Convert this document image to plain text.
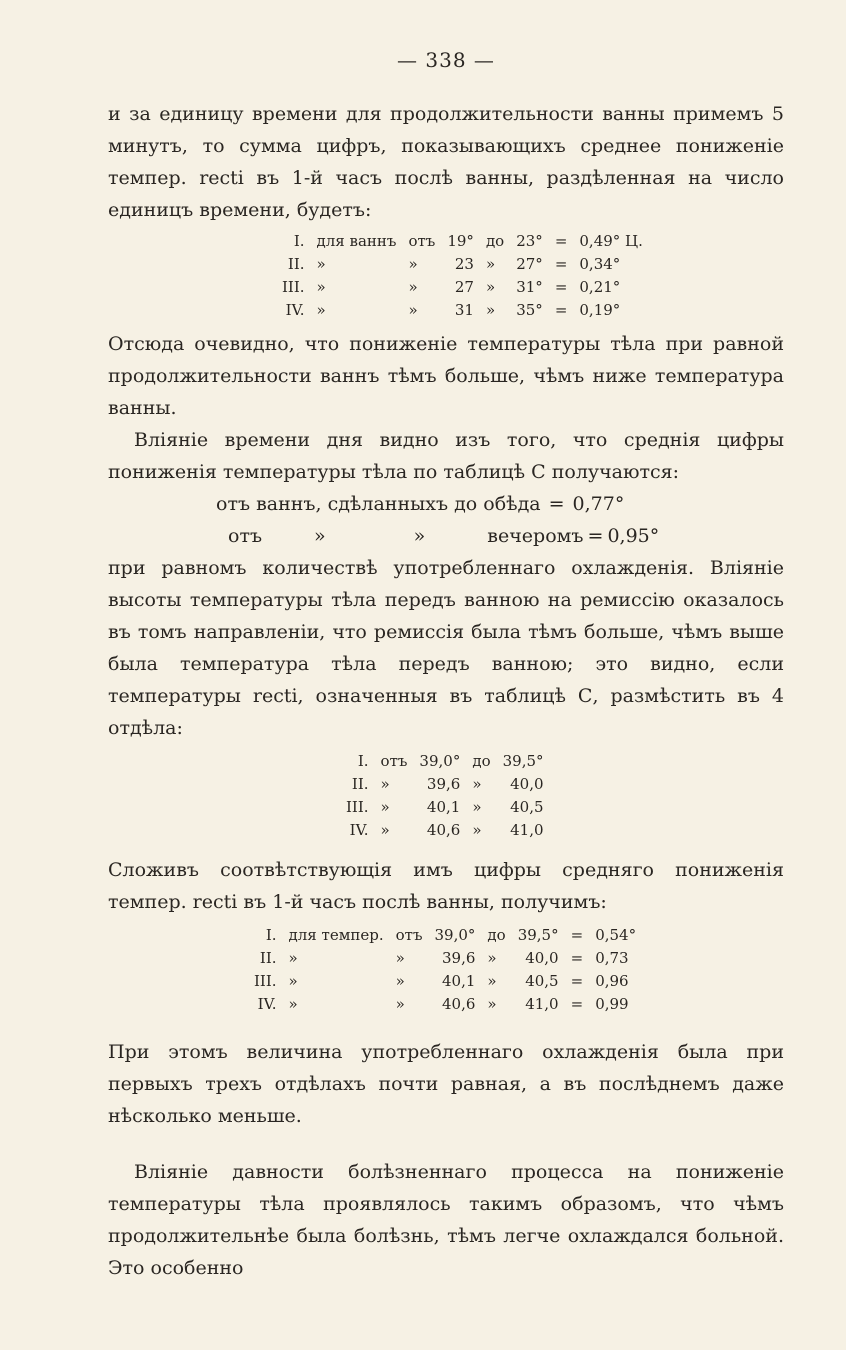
— 338 —

и за единицу времени для продолжительности ванны примемъ 5 минутъ, то сумма цифръ, показывающихъ среднее пониженіе темпер. recti въ 1-й часъ послѣ ванны, раздѣленная на число единицъ времени, будетъ:

I.	для ваннъ	отъ	19°	до	23°	=	0,49° Ц.
II.	»	»	23	»	27°	=	0,34°
III.	»	»	27	»	31°	=	0,21°
IV.	»	»	31	»	35°	=	0,19°

Отсюда очевидно, что пониженіе температуры тѣла при равной продолжительности ваннъ тѣмъ больше, чѣмъ ниже температура ванны.

Вліяніе времени дня видно изъ того, что среднія цифры пониженія температуры тѣла по таблицѣ С получаются:

отъ ваннъ, сдѣланныхъ до обѣда = 0,77°
отъ	»	»	вечеромъ = 0,95°

при равномъ количествѣ употребленнаго охлажденія. Вліяніе высоты температуры тѣла передъ ванною на ремиссію оказалось въ томъ направленіи, что ремиссія была тѣмъ больше, чѣмъ выше была температура тѣла передъ ванною; это видно, если температуры recti, означенныя въ таблицѣ С, размѣстить въ 4 отдѣла:

I.	отъ	39,0°	до	39,5°
II.	»	39,6	»	40,0
III.	»	40,1	»	40,5
IV.	»	40,6	»	41,0

Сложивъ соотвѣтствующія имъ цифры средняго пониженія темпер. recti въ 1-й часъ послѣ ванны, получимъ:

I.	для темпер.	отъ	39,0°	до	39,5°	=	0,54°
II.	»	»	39,6	»	40,0	=	0,73
III.	»	»	40,1	»	40,5	=	0,96
IV.	»	»	40,6	»	41,0	=	0,99

При этомъ величина употребленнаго охлажденія была при первыхъ трехъ отдѣлахъ почти равная, а въ послѣднемъ даже нѣсколько меньше.

Вліяніе давности болѣзненнаго процесса на пониженіе температуры тѣла проявлялось такимъ образомъ, что чѣмъ продолжительнѣе была болѣзнь, тѣмъ легче охлаждался больной. Это особенно
